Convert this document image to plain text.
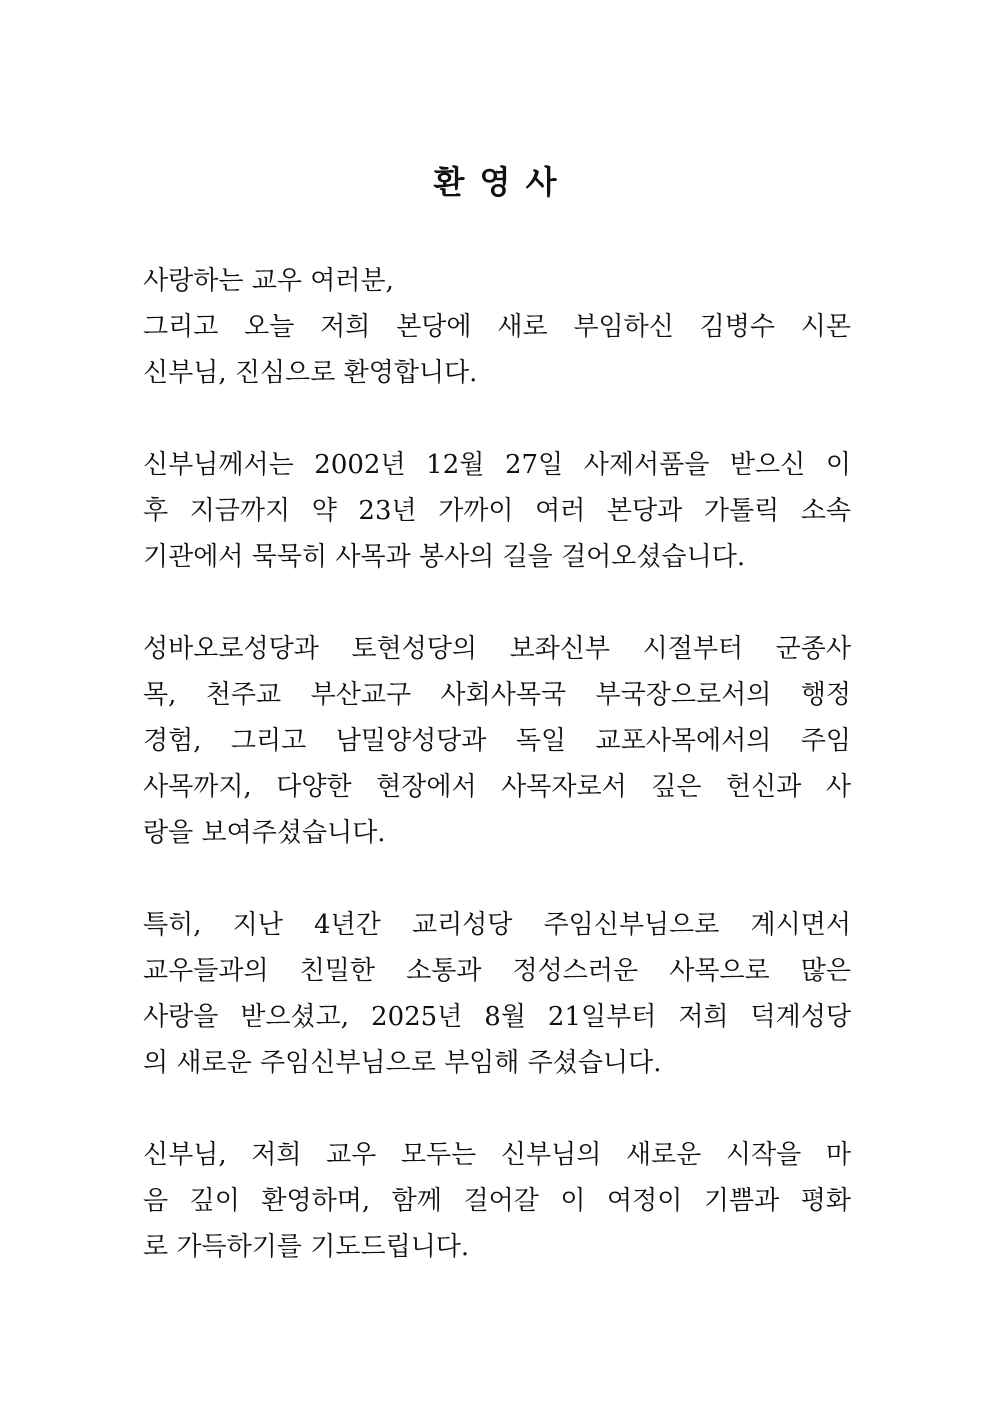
환 영 사
사랑하는 교우 여러분,
그리고 오늘 저희 본당에 새로 부임하신 김병수 시몬
신부님, 진심으로 환영합니다.
신부님께서는 2002년 12월 27일 사제서품을 받으신 이
후 지금까지 약 23년 가까이 여러 본당과 가톨릭 소속
기관에서 묵묵히 사목과 봉사의 길을 걸어오셨습니다.
성바오로성당과 토현성당의 보좌신부 시절부터 군종사
목, 천주교 부산교구 사회사목국 부국장으로서의 행정
경험, 그리고 남밀양성당과 독일 교포사목에서의 주임
사목까지, 다양한 현장에서 사목자로서 깊은 헌신과 사
랑을 보여주셨습니다.
특히, 지난 4년간 교리성당 주임신부님으로 계시면서
교우들과의 친밀한 소통과 정성스러운 사목으로 많은
사랑을 받으셨고, 2025년 8월 21일부터 저희 덕계성당
의 새로운 주임신부님으로 부임해 주셨습니다.
신부님, 저희 교우 모두는 신부님의 새로운 시작을 마
음 깊이 환영하며, 함께 걸어갈 이 여정이 기쁨과 평화
로 가득하기를 기도드립니다.
